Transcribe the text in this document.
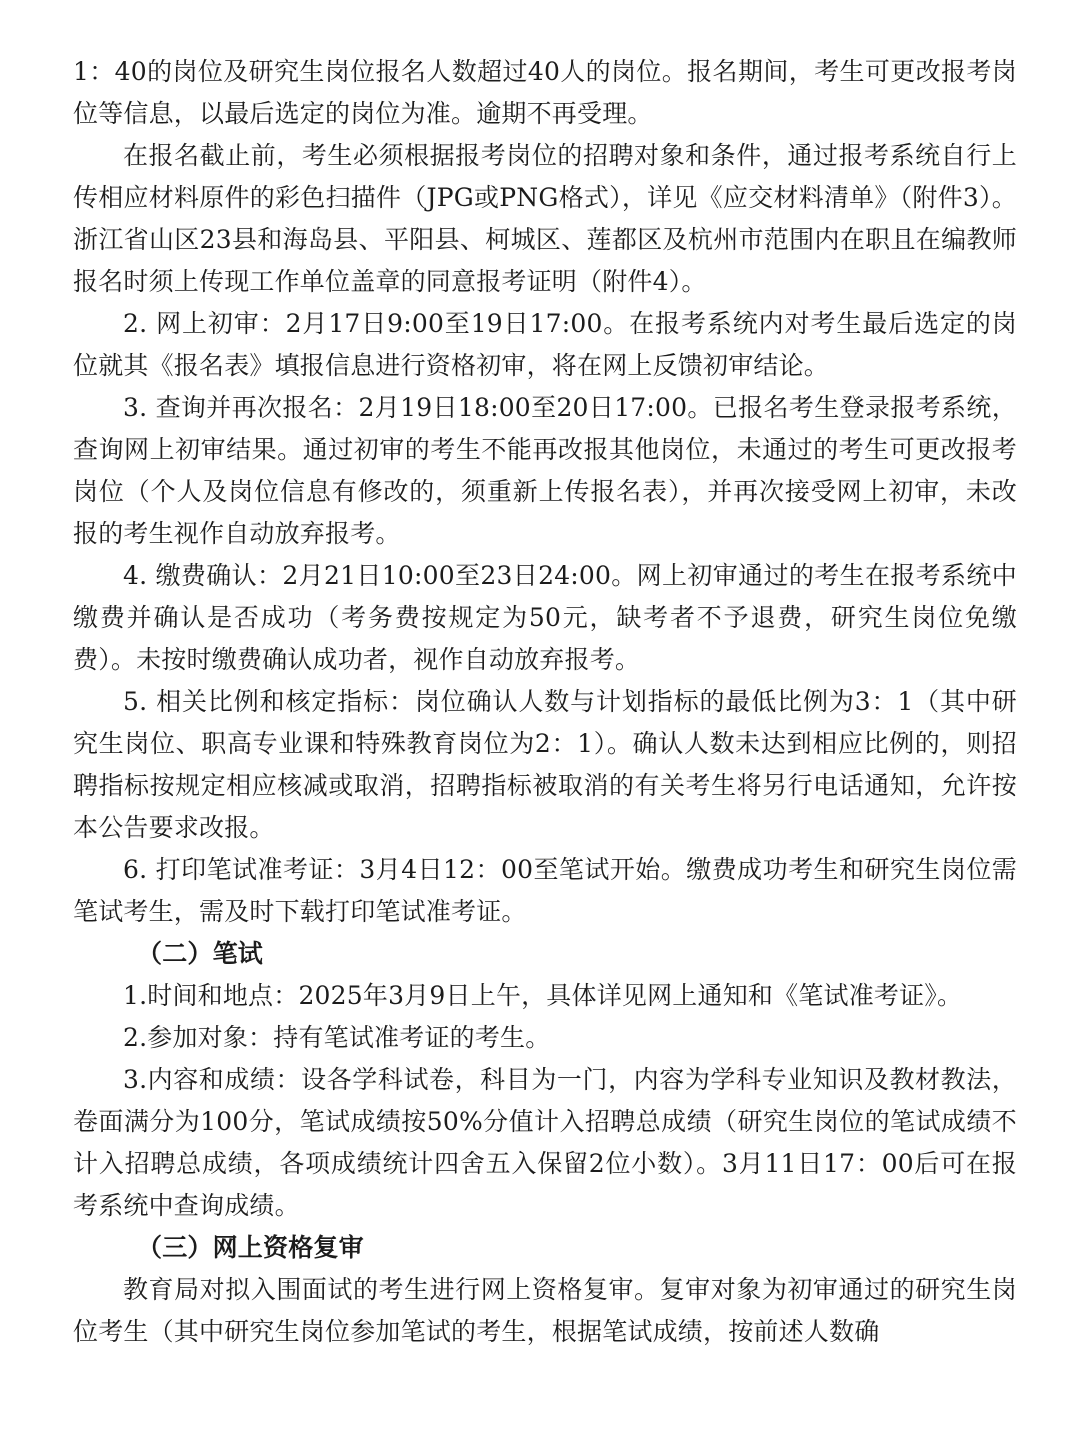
1：40的岗位及研究生岗位报名人数超过40人的岗位。报名期间，考生可更改报考岗位等信息，以最后选定的岗位为准。逾期不再受理。

在报名截止前，考生必须根据报考岗位的招聘对象和条件，通过报考系统自行上传相应材料原件的彩色扫描件（JPG或PNG格式），详见《应交材料清单》（附件3）。浙江省山区23县和海岛县、平阳县、柯城区、莲都区及杭州市范围内在职且在编教师报名时须上传现工作单位盖章的同意报考证明（附件4）。

2. 网上初审：2月17日9:00至19日17:00。在报考系统内对考生最后选定的岗位就其《报名表》填报信息进行资格初审，将在网上反馈初审结论。

3. 查询并再次报名：2月19日18:00至20日17:00。已报名考生登录报考系统，查询网上初审结果。通过初审的考生不能再改报其他岗位，未通过的考生可更改报考岗位（个人及岗位信息有修改的，须重新上传报名表），并再次接受网上初审，未改报的考生视作自动放弃报考。

4. 缴费确认：2月21日10:00至23日24:00。网上初审通过的考生在报考系统中缴费并确认是否成功（考务费按规定为50元，缺考者不予退费，研究生岗位免缴费）。未按时缴费确认成功者，视作自动放弃报考。

5. 相关比例和核定指标：岗位确认人数与计划指标的最低比例为3：1（其中研究生岗位、职高专业课和特殊教育岗位为2：1）。确认人数未达到相应比例的，则招聘指标按规定相应核减或取消，招聘指标被取消的有关考生将另行电话通知，允许按本公告要求改报。

6. 打印笔试准考证：3月4日12：00至笔试开始。缴费成功考生和研究生岗位需笔试考生，需及时下载打印笔试准考证。

（二）笔试

1.时间和地点：2025年3月9日上午，具体详见网上通知和《笔试准考证》。

2.参加对象：持有笔试准考证的考生。

3.内容和成绩：设各学科试卷，科目为一门，内容为学科专业知识及教材教法，卷面满分为100分，笔试成绩按50%分值计入招聘总成绩（研究生岗位的笔试成绩不计入招聘总成绩，各项成绩统计四舍五入保留2位小数）。3月11日17：00后可在报考系统中查询成绩。

（三）网上资格复审

教育局对拟入围面试的考生进行网上资格复审。复审对象为初审通过的研究生岗位考生（其中研究生岗位参加笔试的考生，根据笔试成绩，按前述人数确
